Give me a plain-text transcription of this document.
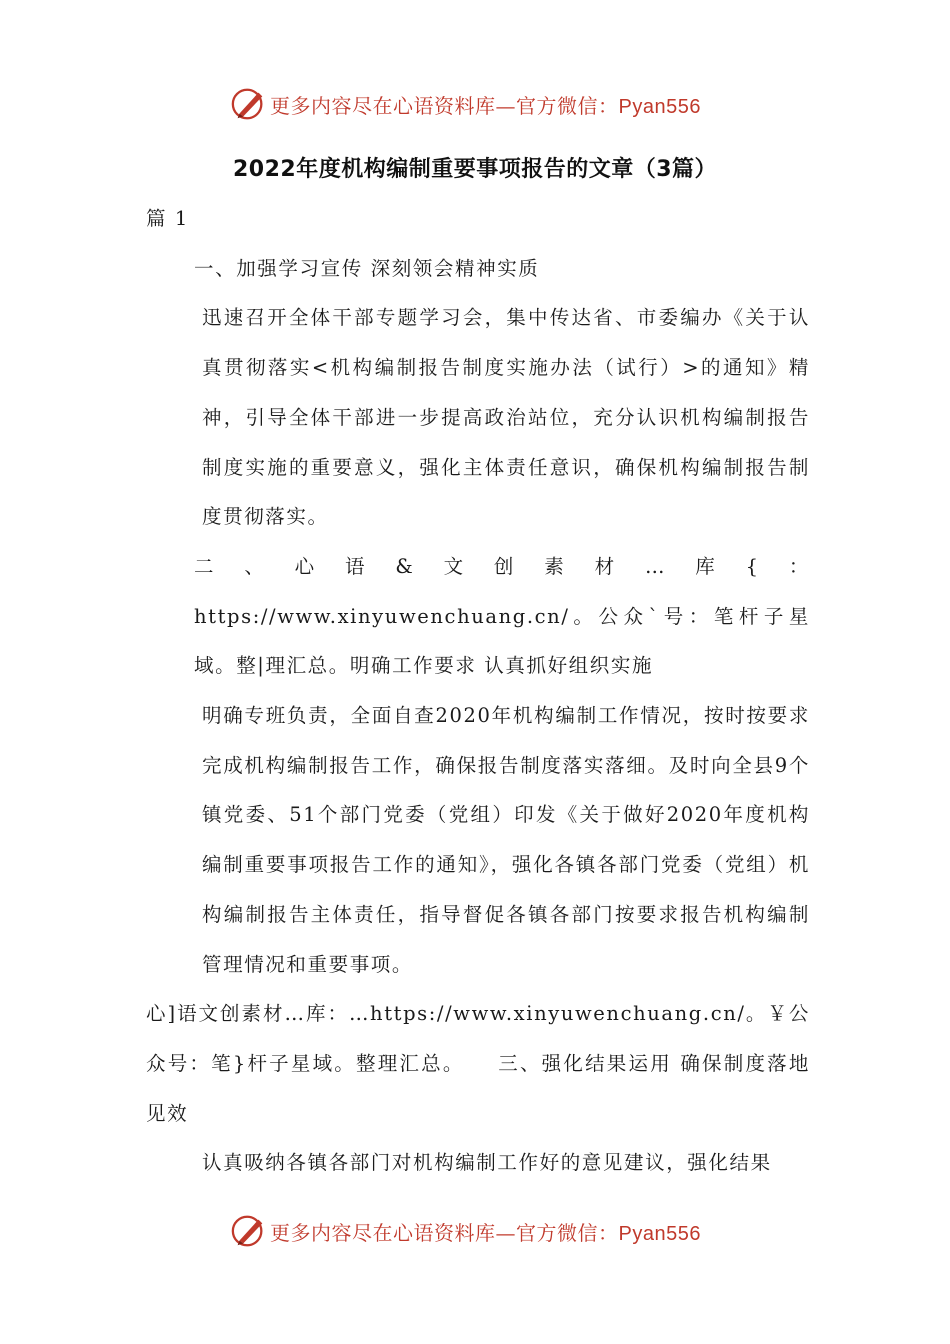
更多内容尽在心语资料库—官方微信：Pyan556
2022年度机构编制重要事项报告的文章（3篇）

篇 1

一、加强学习宣传 深刻领会精神实质

迅速召开全体干部专题学习会，集中传达省、市委编办《关于认真贯彻落实<机构编制报告制度实施办法（试行）>的通知》精神，引导全体干部进一步提高政治站位，充分认识机构编制报告制度实施的重要意义，强化主体责任意识，确保机构编制报告制度贯彻落实。

二、心语&文创素材…库{：https://www.xinyuwenchuang.cn/。公众`号：笔杆子星域。整|理汇总。明确工作要求 认真抓好组织实施

明确专班负责，全面自查2020年机构编制工作情况，按时按要求完成机构编制报告工作，确保报告制度落实落细。及时向全县9个镇党委、51个部门党委（党组）印发《关于做好2020年度机构编制重要事项报告工作的通知》，强化各镇各部门党委（党组）机构编制报告主体责任，指导督促各镇各部门按要求报告机构编制管理情况和重要事项。

心]语文创素材…库：…https://www.xinyuwenchuang.cn/。￥公众号：笔}杆子星域。整理汇总。　　三、强化结果运用 确保制度落地见效

认真吸纳各镇各部门对机构编制工作好的意见建议，强化结果

更多内容尽在心语资料库—官方微信：Pyan556
